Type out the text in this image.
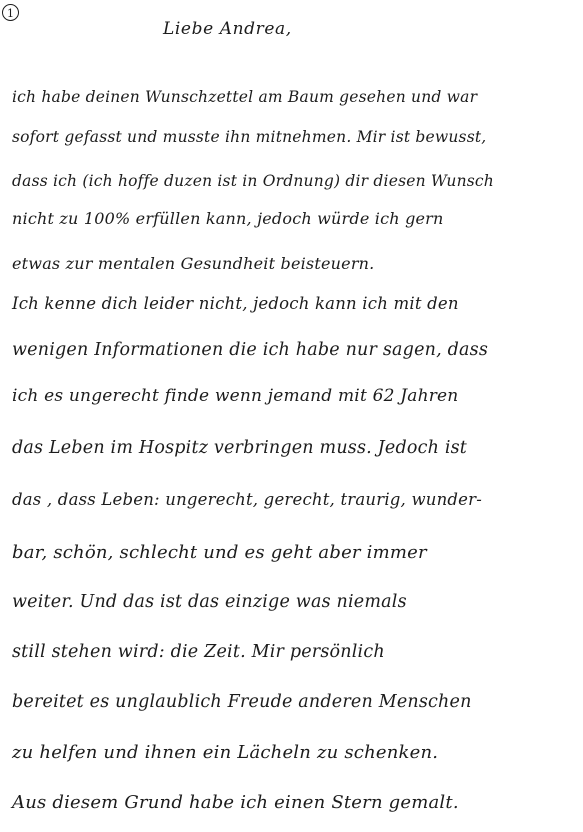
1
Liebe Andrea,
ich habe deinen Wunschzettel am Baum gesehen und war
sofort gefasst und musste ihn mitnehmen. Mir ist bewusst,
dass ich (ich hoffe duzen ist in Ordnung) dir diesen Wunsch
nicht zu 100% erfüllen kann, jedoch würde ich gern
etwas zur mentalen Gesundheit beisteuern.
Ich kenne dich leider nicht, jedoch kann ich mit den
wenigen Informationen die ich habe nur sagen, dass
ich es ungerecht finde wenn jemand mit 62 Jahren
das Leben im Hospitz verbringen muss. Jedoch ist
das , dass Leben: ungerecht, gerecht, traurig, wunder-
bar, schön, schlecht und es geht aber immer
weiter. Und das ist das einzige was niemals
still stehen wird: die Zeit. Mir persönlich
bereitet es unglaublich Freude anderen Menschen
zu helfen und ihnen ein Lächeln zu schenken.
Aus diesem Grund habe ich einen Stern gemalt.
